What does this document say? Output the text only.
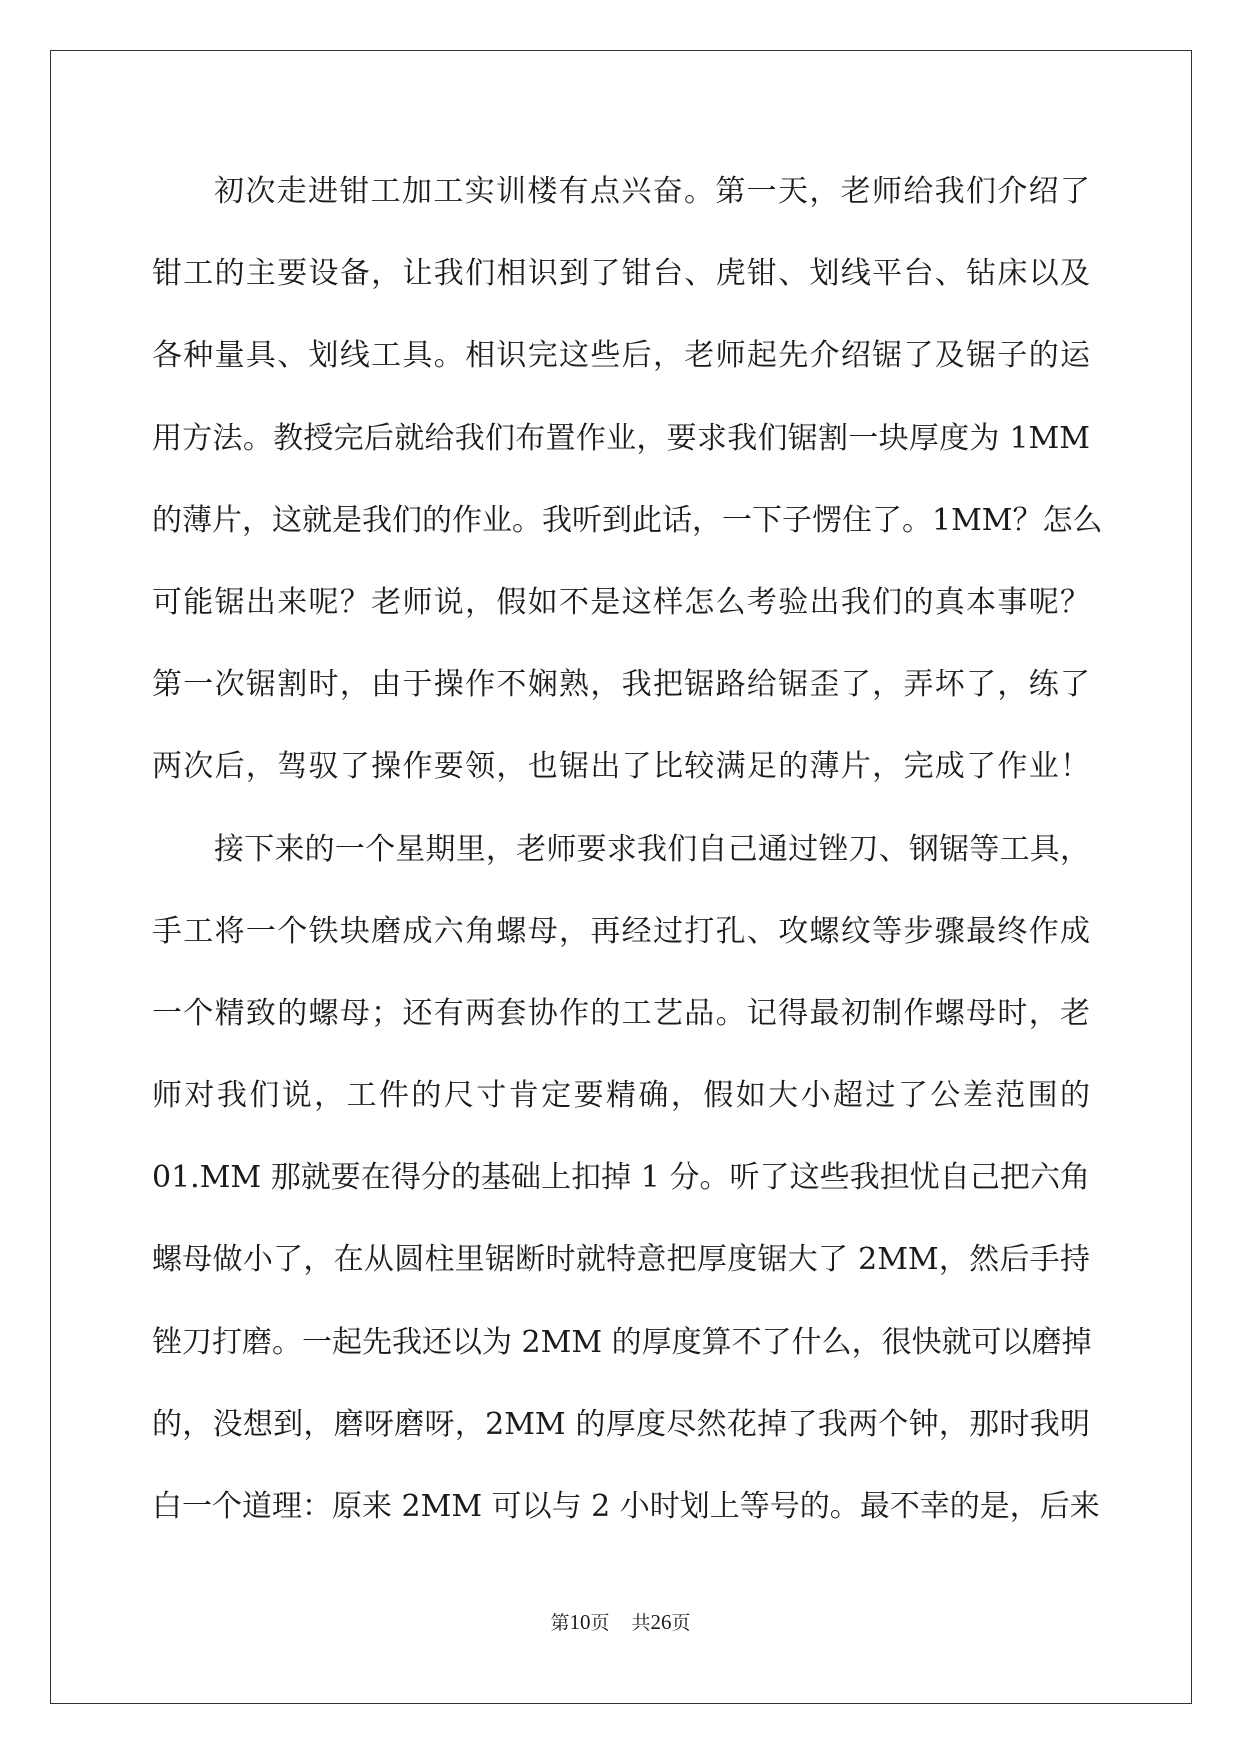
初次走进钳工加工实训楼有点兴奋。第一天，老师给我们介绍了
钳工的主要设备，让我们相识到了钳台、虎钳、划线平台、钻床以及
各种量具、划线工具。相识完这些后，老师起先介绍锯了及锯子的运
用方法。教授完后就给我们布置作业，要求我们锯割一块厚度为 1MM
的薄片，这就是我们的作业。我听到此话，一下子愣住了。1MM？怎么
可能锯出来呢？老师说，假如不是这样怎么考验出我们的真本事呢？
第一次锯割时，由于操作不娴熟，我把锯路给锯歪了，弄坏了，练了
两次后，驾驭了操作要领，也锯出了比较满足的薄片，完成了作业！
接下来的一个星期里，老师要求我们自己通过锉刀、钢锯等工具，
手工将一个铁块磨成六角螺母，再经过打孔、攻螺纹等步骤最终作成
一个精致的螺母；还有两套协作的工艺品。记得最初制作螺母时，老
师对我们说，工件的尺寸肯定要精确，假如大小超过了公差范围的
01.MM 那就要在得分的基础上扣掉 1 分。听了这些我担忧自己把六角
螺母做小了，在从圆柱里锯断时就特意把厚度锯大了 2MM，然后手持
锉刀打磨。一起先我还以为 2MM 的厚度算不了什么，很快就可以磨掉
的，没想到，磨呀磨呀，2MM 的厚度尽然花掉了我两个钟，那时我明
白一个道理：原来 2MM 可以与 2 小时划上等号的。最不幸的是，后来
第10页 共26页
